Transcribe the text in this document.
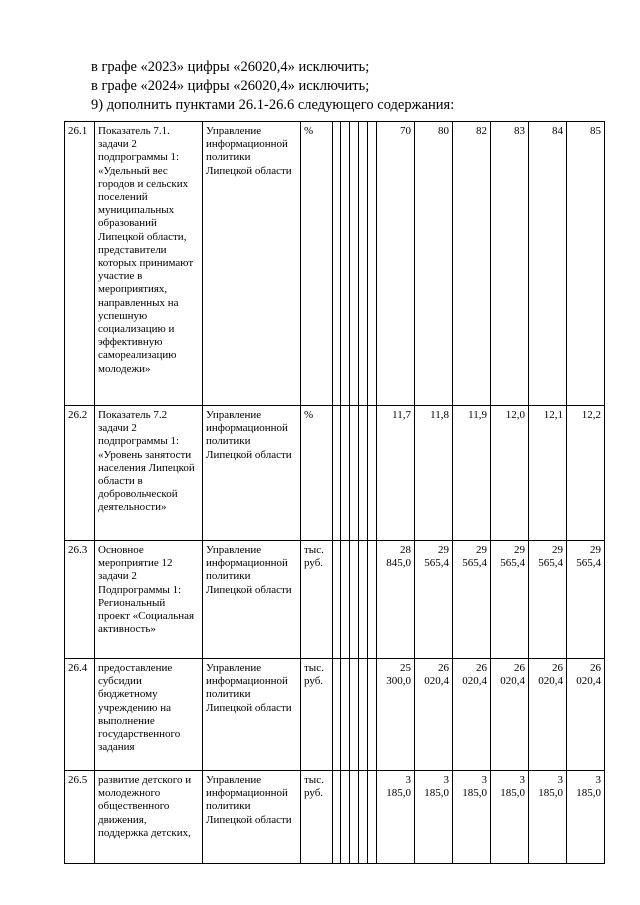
в графе «2023» цифры «26020,4» исключить;

в графе «2024» цифры «26020,4» исключить;

9) дополнить пунктами 26.1-26.6 следующего содержания:

26.1	Показатель 7.1. задачи 2 подпрограммы 1: «Удельный вес городов и сельских поселений муниципальных образований Липецкой области, представители которых принимают участие в мероприятиях, направленных на успешную социализацию и эффективную самореализацию молодежи»	Управление информационной политики Липецкой области	%						70	80	82	83	84	85
26.2	Показатель 7.2 задачи 2 подпрограммы 1: «Уровень занятости населения Липецкой области в добровольческой деятельности»	Управление информационной политики Липецкой области	%						11,7	11,8	11,9	12,0	12,1	12,2
26.3	Основное мероприятие 12 задачи 2 Подпрограммы 1: Региональный проект «Социальная активность»	Управление информационной политики Липецкой области	тыс. руб.						28 845,0	29 565,4	29 565,4	29 565,4	29 565,4	29 565,4
26.4	предоставление субсидии бюджетному учреждению на выполнение государственного задания	Управление информационной политики Липецкой области	тыс. руб.						25 300,0	26 020,4	26 020,4	26 020,4	26 020,4	26 020,4
26.5	развитие детского и молодежного общественного движения, поддержка детских,	Управление информационной политики Липецкой области	тыс. руб.						3 185,0	3 185,0	3 185,0	3 185,0	3 185,0	3 185,0
